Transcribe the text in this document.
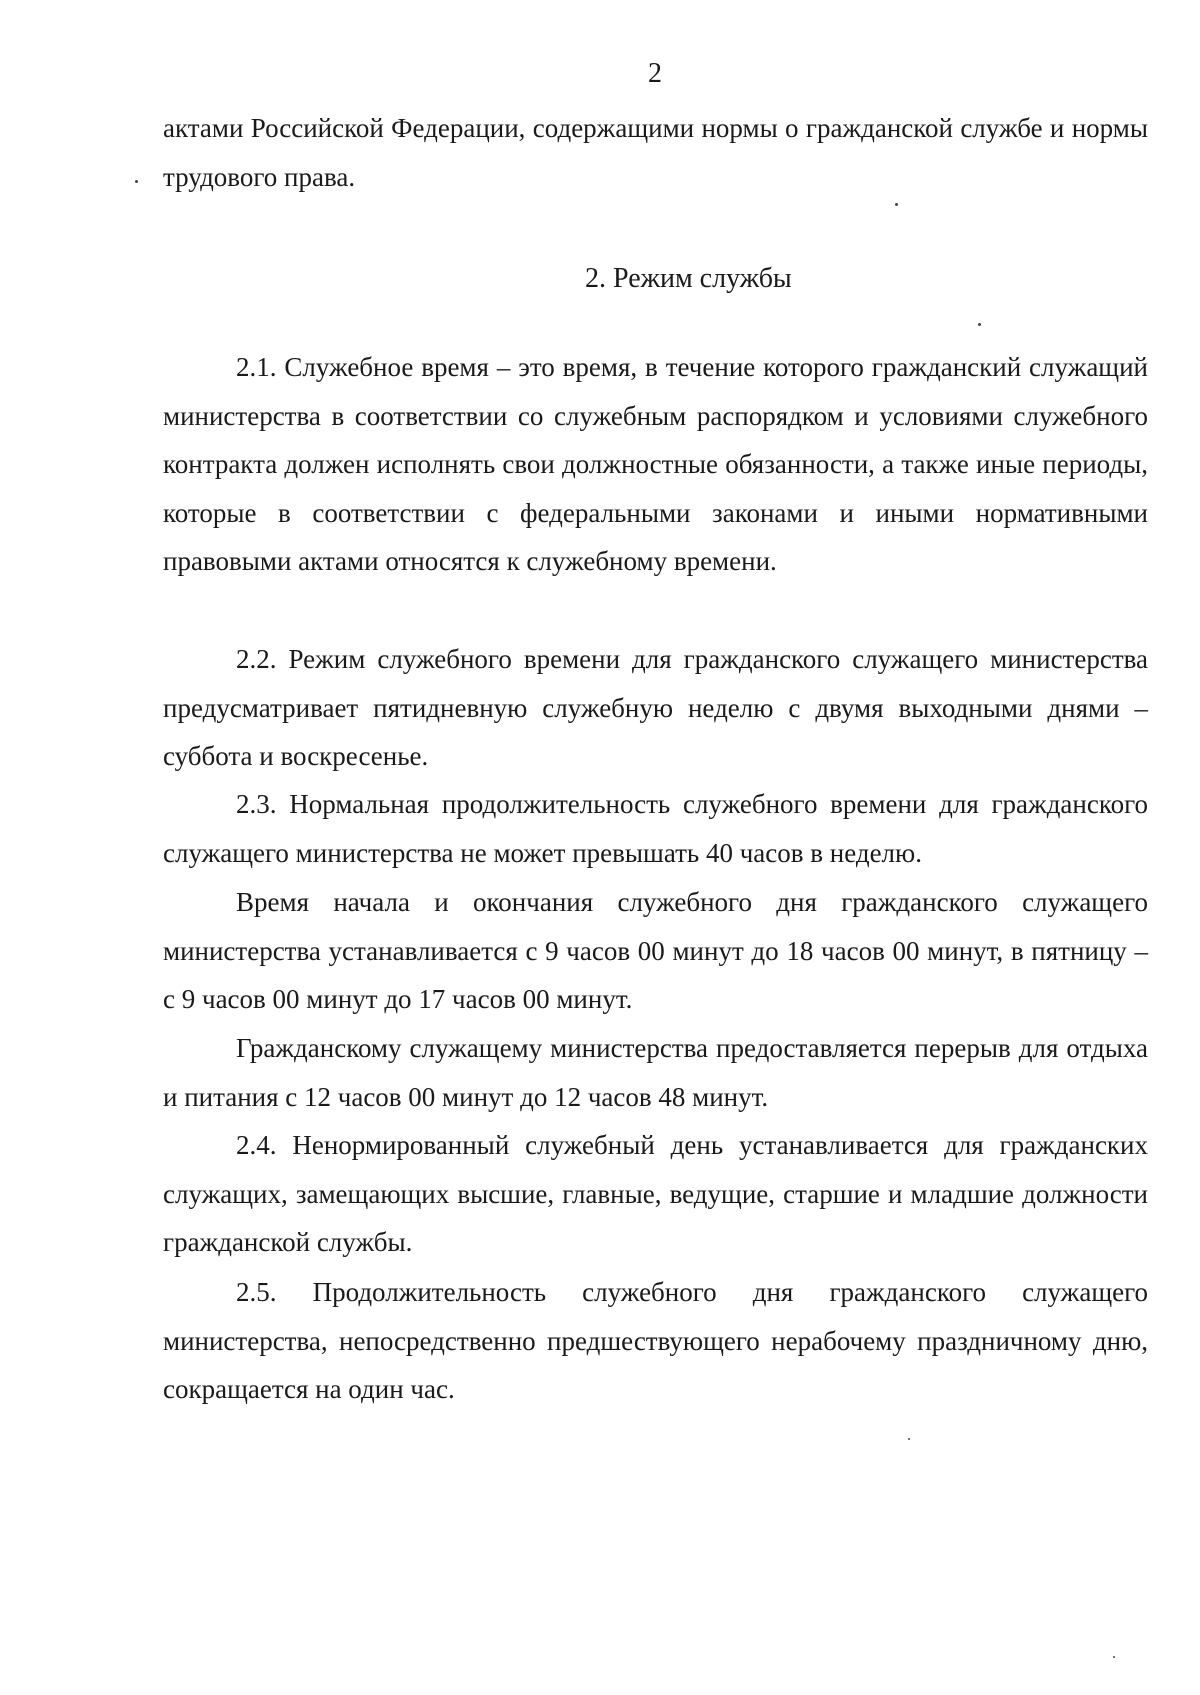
2

актами Российской Федерации, содержащими нормы о гражданской службе и нормы трудового права.

2. Режим службы

2.1. Служебное время – это время, в течение которого гражданский служащий министерства в соответствии со служебным распорядком и условиями служебного контракта должен исполнять свои должностные обязанности, а также иные периоды, которые в соответствии с федеральными законами и иными нормативными правовыми актами относятся к служебному времени.

2.2. Режим служебного времени для гражданского служащего министерства предусматривает пятидневную служебную неделю с двумя выходными днями – суббота и воскресенье.

2.3. Нормальная продолжительность служебного времени для гражданского служащего министерства не может превышать 40 часов в неделю.

Время начала и окончания служебного дня гражданского служащего министерства устанавливается с 9 часов 00 минут до 18 часов 00 минут, в пятницу – с 9 часов 00 минут до 17 часов 00 минут.

Гражданскому служащему министерства предоставляется перерыв для отдыха и питания с 12 часов 00 минут до 12 часов 48 минут.

2.4. Ненормированный служебный день устанавливается для гражданских служащих, замещающих высшие, главные, ведущие, старшие и младшие должности гражданской службы.

2.5. Продолжительность служебного дня гражданского служащего министерства, непосредственно предшествующего нерабочему праздничному дню, сокращается на один час.
